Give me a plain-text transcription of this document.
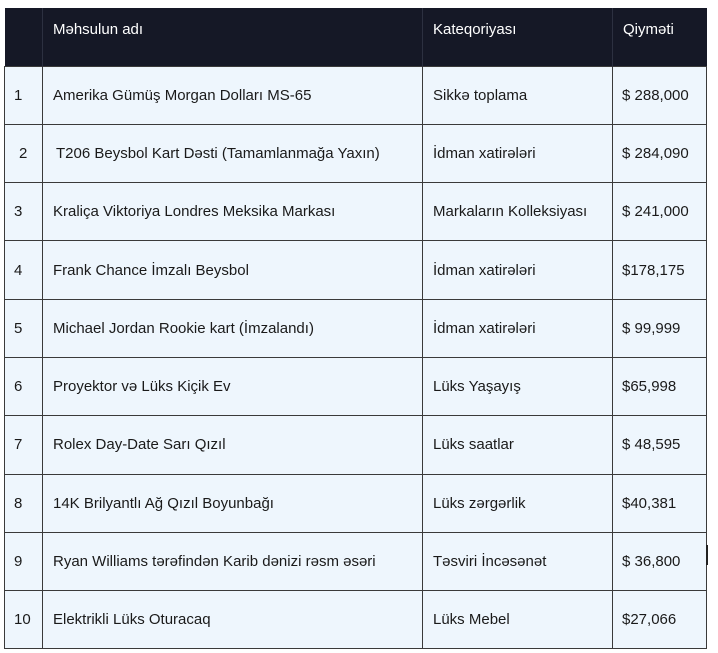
	Məhsulun adı	Kateqoriyası	Qiymәti
1	Amerika Gümüş Morgan Dolları MS-65	Sikkə toplama	$ 288,000
2	T206 Beysbol Kart Dəsti (Tamamlanmağa Yaxın)	İdman xatirələri	$ 284,090
3	Kraliça Viktoriya Londres Meksika Markası	Markaların Kolleksiyası	$ 241,000
4	Frank Chance İmzalı Beysbol	İdman xatirələri	$178,175
5	Michael Jordan Rookie kart (İmzalandı)	İdman xatirələri	$ 99,999
6	Proyektor və Lüks Kiçik Ev	Lüks Yaşayış	$65,998
7	Rolex Day-Date Sarı Qızıl	Lüks saatlar	$ 48,595
8	14K Brilyantlı Ağ Qızıl Boyunbağı	Lüks zərgərlik	$40,381
9	Ryan Williams tərəfindən Karib dənizi rəsm əsəri	Təsviri İncəsənət	$ 36,800
10	Elektrikli Lüks Oturacaq	Lüks Mebel	$27,066
